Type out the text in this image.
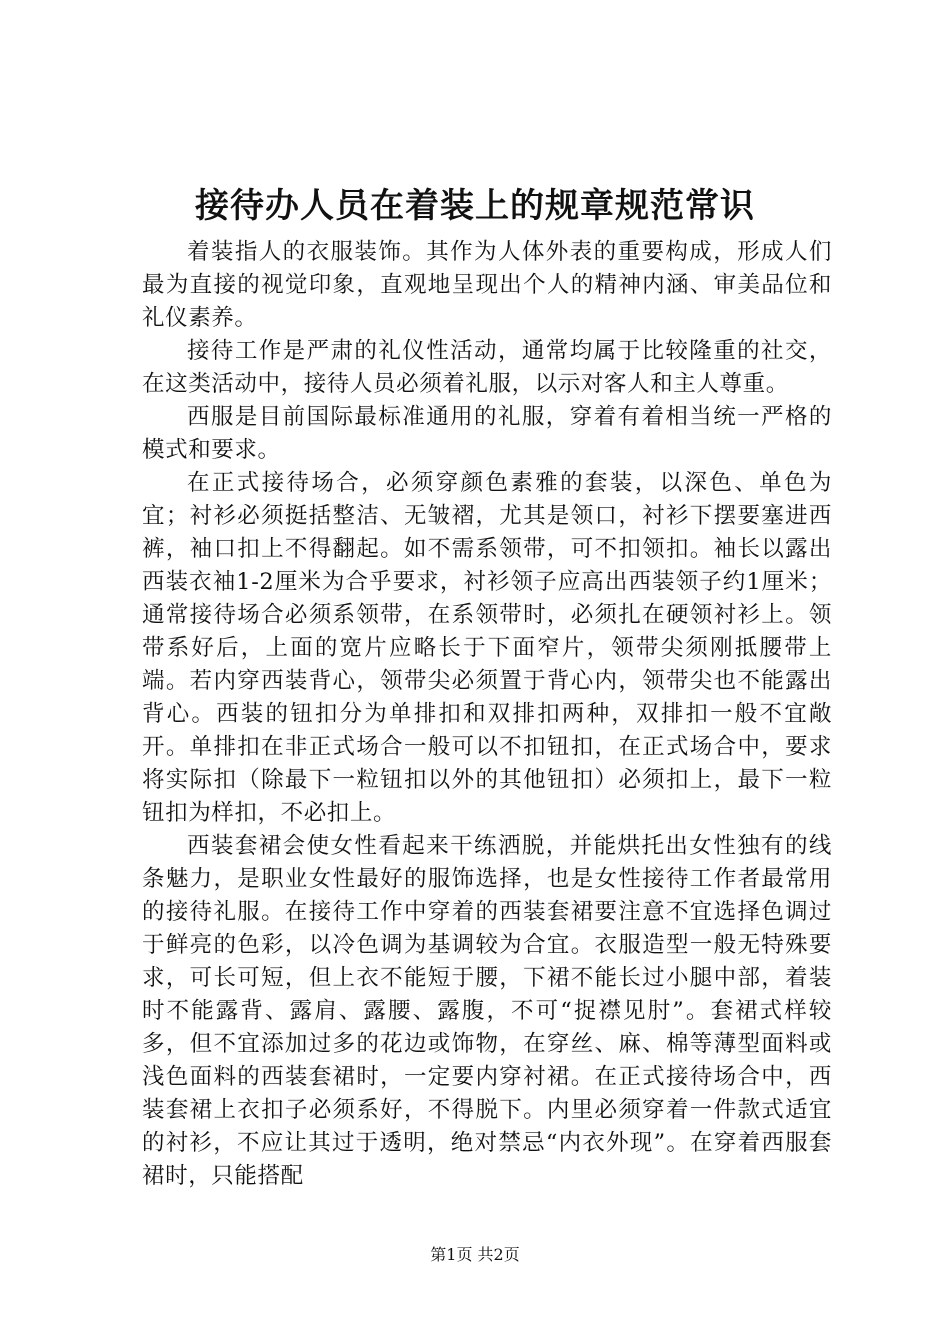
接待办人员在着装上的规章规范常识

着装指人的衣服装饰。其作为人体外表的重要构成，形成人们最为直接的视觉印象，直观地呈现出个人的精神内涵、审美品位和礼仪素养。

接待工作是严肃的礼仪性活动，通常均属于比较隆重的社交，在这类活动中，接待人员必须着礼服，以示对客人和主人尊重。

西服是目前国际最标准通用的礼服，穿着有着相当统一严格的模式和要求。

在正式接待场合，必须穿颜色素雅的套装，以深色、单色为宜；衬衫必须挺括整洁、无皱褶，尤其是领口，衬衫下摆要塞进西裤，袖口扣上不得翻起。如不需系领带，可不扣领扣。袖长以露出西装衣袖1-2厘米为合乎要求，衬衫领子应高出西装领子约1厘米；通常接待场合必须系领带，在系领带时，必须扎在硬领衬衫上。领带系好后，上面的宽片应略长于下面窄片，领带尖须刚抵腰带上端。若内穿西装背心，领带尖必须置于背心内，领带尖也不能露出背心。西装的钮扣分为单排扣和双排扣两种，双排扣一般不宜敞开。单排扣在非正式场合一般可以不扣钮扣，在正式场合中，要求将实际扣（除最下一粒钮扣以外的其他钮扣）必须扣上，最下一粒钮扣为样扣，不必扣上。

西装套裙会使女性看起来干练洒脱，并能烘托出女性独有的线条魅力，是职业女性最好的服饰选择，也是女性接待工作者最常用的接待礼服。在接待工作中穿着的西装套裙要注意不宜选择色调过于鲜亮的色彩，以冷色调为基调较为合宜。衣服造型一般无特殊要求，可长可短，但上衣不能短于腰，下裙不能长过小腿中部，着装时不能露背、露肩、露腰、露腹，不可“捉襟见肘”。套裙式样较多，但不宜添加过多的花边或饰物，在穿丝、麻、棉等薄型面料或浅色面料的西装套裙时，一定要内穿衬裙。在正式接待场合中，西装套裙上衣扣子必须系好，不得脱下。内里必须穿着一件款式适宜的衬衫，不应让其过于透明，绝对禁忌“内衣外现”。在穿着西服套裙时，只能搭配

第1页 共2页
